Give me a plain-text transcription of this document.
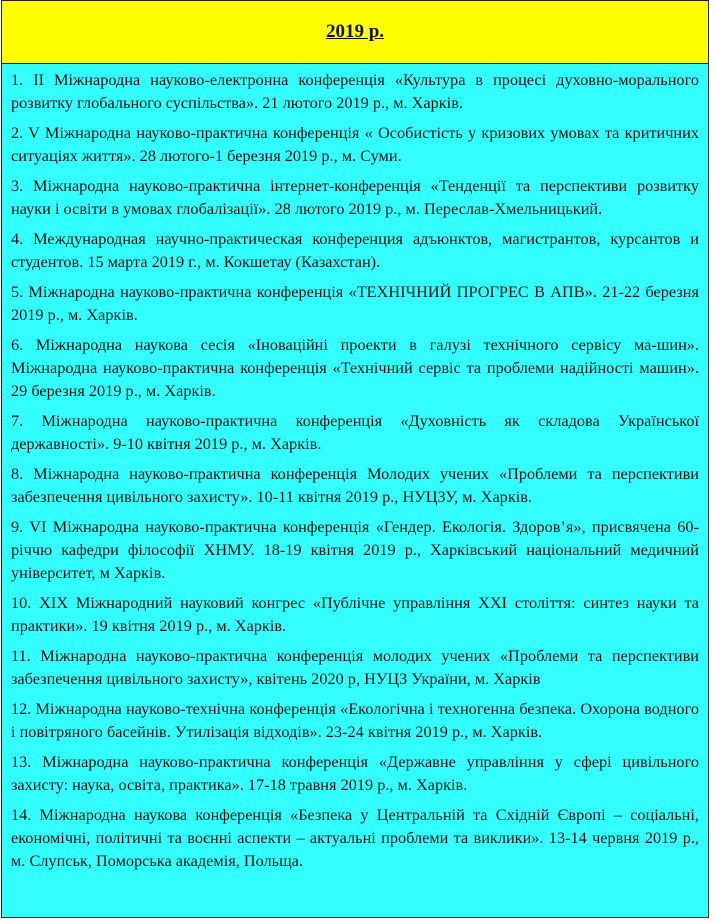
2019 р.

1. ІІ Міжнародна науково-електронна конференція «Культура в процесі духовно-морального розвитку глобального суспільства». 21 лютого 2019 р., м. Харків.

2. V Міжнародна науково-практична конференція « Особистість у кризових умовах та критичних ситуаціях життя». 28 лютого-1 березня 2019 р., м. Суми.

3. Міжнародна науково-практична інтернет-конференція «Тенденції та перспективи розвитку науки і освіти в умовах глобалізації». 28 лютого 2019 р., м. Переслав-Хмельницький.

4. Международная научно-практическая конференция адъюнктов, магистрантов, курсантов и студентов. 15 марта 2019 г., м. Кокшетау (Казахстан).

5. Міжнародна науково-практична конференція «ТЕХНІЧНИЙ ПРОГРЕС В АПВ». 21-22 березня 2019 р., м. Харків.

6. Міжнародна наукова сесія «Іноваційні проекти в галузі технічного сервісу ма-шин». Міжнародна науково-практична конференція «Технічний сервіс та проблеми надійності машин». 29 березня 2019 р., м. Харків.

7. Міжнародна науково-практична конференція «Духовність як складова Української державності». 9-10 квітня 2019 р., м. Харків.

8. Міжнародна науково-практична конференція Молодих учених «Проблеми та перспективи забезпечення цивільного захисту». 10-11 квітня 2019 р., НУЦЗУ, м. Харків.

9. VI Міжнародна науково-практична конференція «Гендер. Екологія. Здоров’я», присвячена 60-річчю кафедри філософії ХНМУ. 18-19 квітня 2019 р., Харківський національний медичний університет, м Харків.

10. ХІХ Міжнародний науковий конгрес «Публічне управління ХХІ століття: синтез науки та практики». 19 квітня 2019 р., м. Харків.

11. Міжнародна науково-практична конференція молодих учених «Проблеми та перспективи забезпечення цивільного захисту», квітень 2020 р, НУЦЗ України, м. Харків

12. Міжнародна науково-технічна конференція «Екологічна і техногенна безпека. Охорона водного і повітряного басейнів. Утилізація відходів». 23-24 квітня 2019 р., м. Харків.

13. Міжнародна науково-практична конференція «Державне управління у сфері цивільного захисту: наука, освіта, практика». 17-18 травня 2019 р., м. Харків.

14. Міжнародна наукова конференція «Безпека у Центральній та Східній Європі – соціальні, економічні, політичні та воєнні аспекти – актуальні проблеми та виклики». 13-14 червня 2019 р., м. Слупськ, Поморська академія, Польща.
